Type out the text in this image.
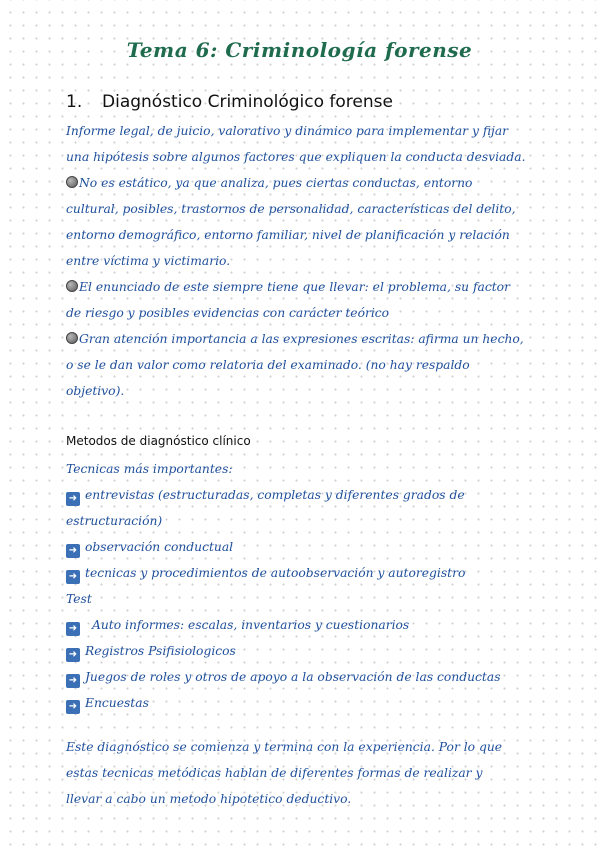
Tema 6: Criminología forense
1. Diagnóstico Criminológico forense
Informe legal, de juicio, valorativo y dinámico para implementar y fijar
una hipótesis sobre algunos factores que expliquen la conducta desviada.
No es estático, ya que analiza, pues ciertas conductas, entorno
cultural, posibles, trastornos de personalidad, características del delito,
entorno demográfico, entorno familiar, nivel de planificación y relación
entre víctima y victimario.
El enunciado de este siempre tiene que llevar: el problema, su factor
de riesgo y posibles evidencias con carácter teórico
Gran atención importancia a las expresiones escritas: afirma un hecho,
o se le dan valor como relatoria del examinado. (no hay respaldo
objetivo).
Metodos de diagnóstico clínico
Tecnicas más importantes:
➜ entrevistas (estructuradas, completas y diferentes grados de
estructuración)
➜ observación conductual
➜ tecnicas y procedimientos de autoobservación y autoregistro
Test
➜ Auto informes: escalas, inventarios y cuestionarios
➜ Registros Psifisiologicos
➜ Juegos de roles y otros de apoyo a la observación de las conductas
➜ Encuestas
Este diagnóstico se comienza y termina con la experiencia. Por lo que
estas tecnicas metódicas hablan de diferentes formas de realizar y
llevar a cabo un metodo hipotetico deductivo.
